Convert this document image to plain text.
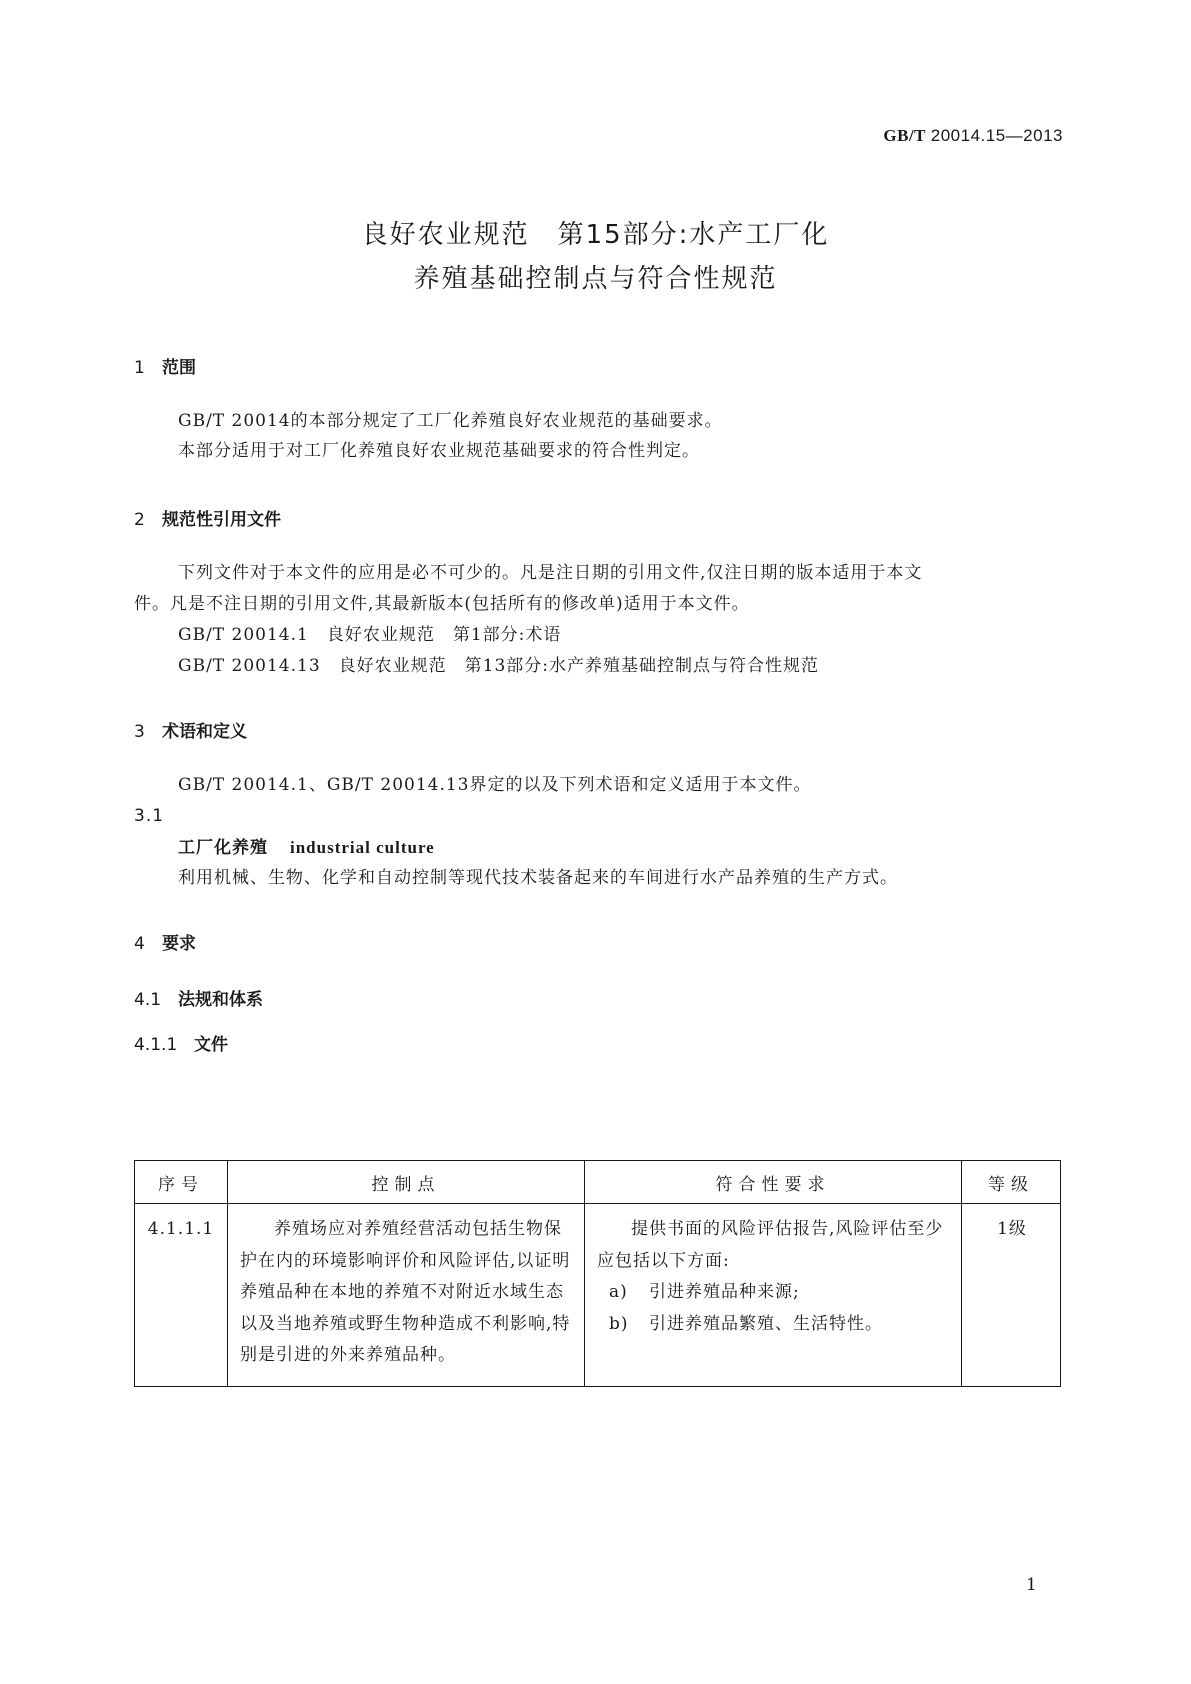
GB/T 20014.15—2013
良好农业规范　第15部分:水产工厂化
养殖基础控制点与符合性规范
1 范围
GB/T 20014的本部分规定了工厂化养殖良好农业规范的基础要求。
本部分适用于对工厂化养殖良好农业规范基础要求的符合性判定。
2 规范性引用文件
下列文件对于本文件的应用是必不可少的。凡是注日期的引用文件,仅注日期的版本适用于本文
件。凡是不注日期的引用文件,其最新版本(包括所有的修改单)适用于本文件。
GB/T 20014.1　良好农业规范　第1部分:术语
GB/T 20014.13　良好农业规范　第13部分:水产养殖基础控制点与符合性规范
3 术语和定义
GB/T 20014.1、GB/T 20014.13界定的以及下列术语和定义适用于本文件。
3.1
工厂化养殖 industrial culture
利用机械、生物、化学和自动控制等现代技术装备起来的车间进行水产品养殖的生产方式。
4 要求
4.1 法规和体系
4.1.1 文件
序号	控制点	符合性要求	等级
4.1.1.1	养殖场应对养殖经营活动包括生物保护在内的环境影响评价和风险评估,以证明养殖品种在本地的养殖不对附近水域生态以及当地养殖或野生物种造成不利影响,特别是引进的外来养殖品种。	提供书面的风险评估报告,风险评估至少应包括以下方面:
a) 引进养殖品种来源;
b) 引进养殖品繁殖、生活特性。	1级
1
